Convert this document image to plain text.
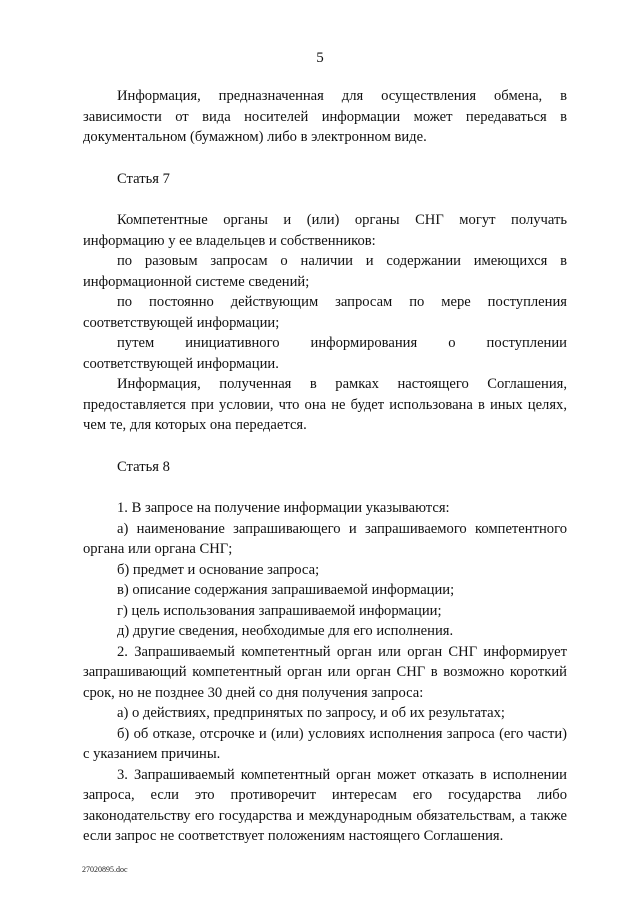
5

Информация, предназначенная для осуществления обмена, в зависимости от вида носителей информации может передаваться в документальном (бумажном) либо в электронном виде.

Статья 7

Компетентные органы и (или) органы СНГ могут получать информацию у ее владельцев и собственников:

по разовым запросам о наличии и содержании имеющихся в информационной системе сведений;

по постоянно действующим запросам по мере поступления соответствующей информации;

путем инициативного информирования о поступлении соответствующей информации.

Информация, полученная в рамках настоящего Соглашения, предоставляется при условии, что она не будет использована в иных целях, чем те, для которых она передается.

Статья 8

1. В запросе на получение информации указываются:

а) наименование запрашивающего и запрашиваемого компетентного органа или органа СНГ;

б) предмет и основание запроса;

в) описание содержания запрашиваемой информации;

г) цель использования запрашиваемой информации;

д) другие сведения, необходимые для его исполнения.

2. Запрашиваемый компетентный орган или орган СНГ информирует запрашивающий компетентный орган или орган СНГ в возможно короткий срок, но не позднее 30 дней со дня получения запроса:

а) о действиях, предпринятых по запросу, и об их результатах;

б) об отказе, отсрочке и (или) условиях исполнения запроса (его части) с указанием причины.

3. Запрашиваемый компетентный орган может отказать в исполнении запроса, если это противоречит интересам его государства либо законодательству его государства и международным обязательствам, а также если запрос не соответствует положениям настоящего Соглашения.

27020895.doc
